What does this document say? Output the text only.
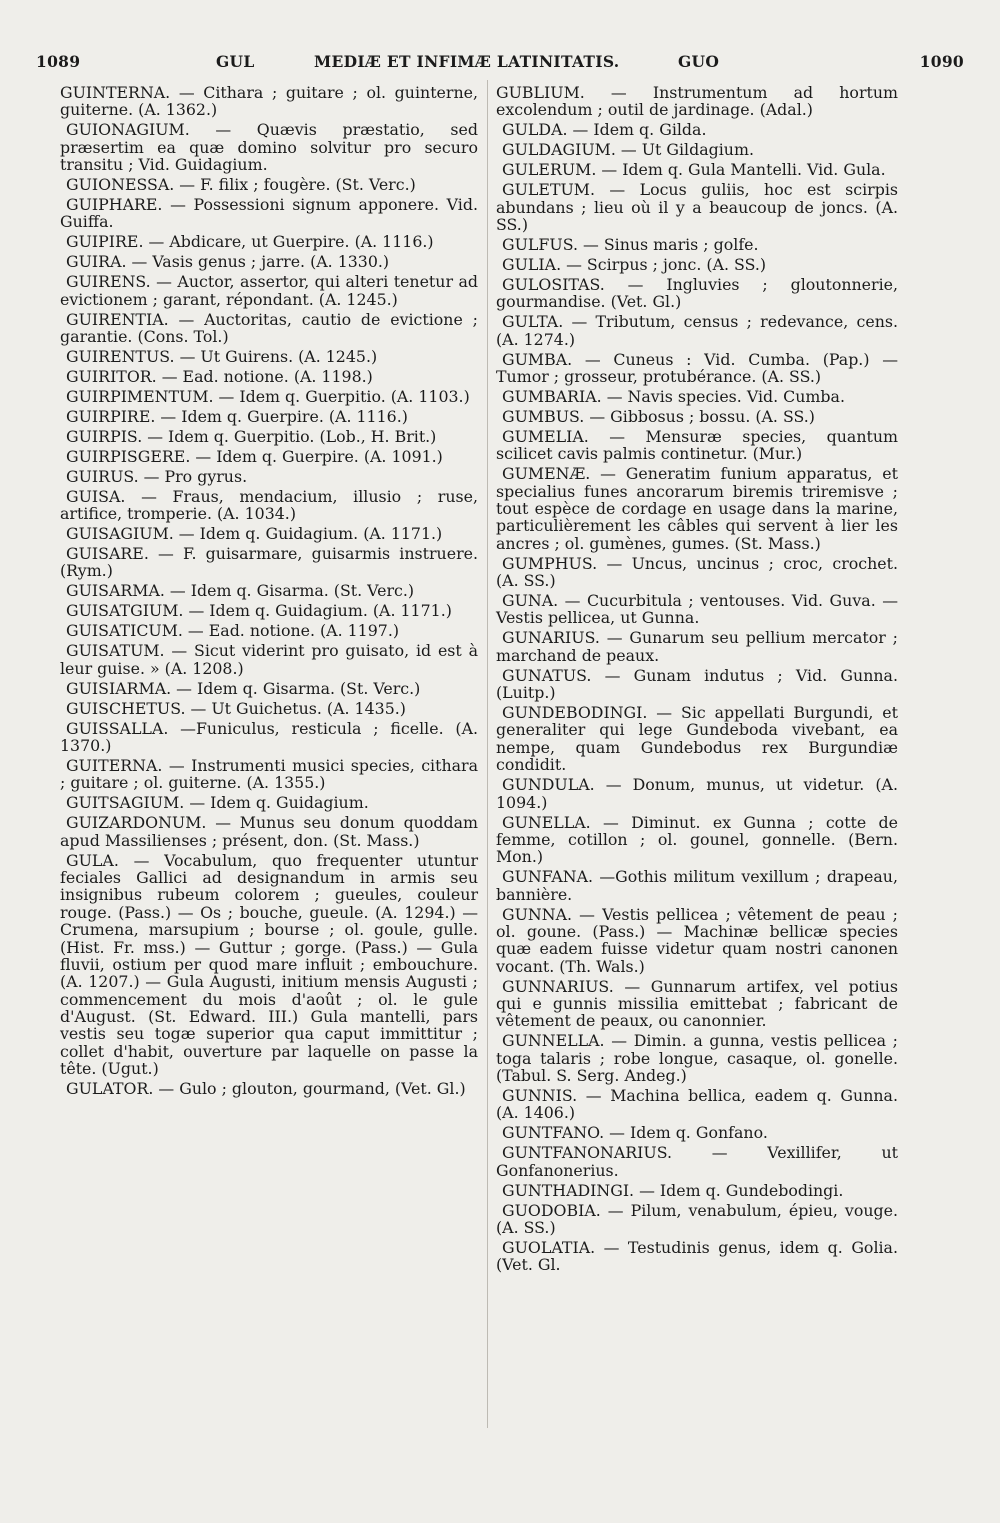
1089	GUL	MEDIÆ ET INFIMÆ LATINITATIS.	GUO	1090

GUINTERNA. — Cithara ; guitare ; ol. guinterne, guiterne. (A. 1362.)

GUIONAGIUM. — Quævis præstatio, sed præsertim ea quæ domino solvitur pro securo transitu ; Vid. Guidagium.

GUIONESSA. — F. filix ; fougère. (St. Verc.)

GUIPHARE. — Possessioni signum apponere. Vid. Guiffa.

GUIPIRE. — Abdicare, ut Guerpire. (A. 1116.)

GUIRA. — Vasis genus ; jarre. (A. 1330.)

GUIRENS. — Auctor, assertor, qui alteri tenetur ad evictionem ; garant, répondant. (A. 1245.)

GUIRENTIA. — Auctoritas, cautio de evictione ; garantie. (Cons. Tol.)

GUIRENTUS. — Ut Guirens. (A. 1245.)

GUIRITOR. — Ead. notione. (A. 1198.)

GUIRPIMENTUM. — Idem q. Guerpitio. (A. 1103.)

GUIRPIRE. — Idem q. Guerpire. (A. 1116.)

GUIRPIS. — Idem q. Guerpitio. (Lob., H. Brit.)

GUIRPISGERE. — Idem q. Guerpire. (A. 1091.)

GUIRUS. — Pro gyrus.

GUISA. — Fraus, mendacium, illusio ; ruse, artifice, tromperie. (A. 1034.)

GUISAGIUM. — Idem q. Guidagium. (A. 1171.)

GUISARE. — F. guisarmare, guisarmis instruere. (Rym.)

GUISARMA. — Idem q. Gisarma. (St. Verc.)

GUISATGIUM. — Idem q. Guidagium. (A. 1171.)

GUISATICUM. — Ead. notione. (A. 1197.)

GUISATUM. — Sicut viderint pro guisato, id est à leur guise. » (A. 1208.)

GUISIARMA. — Idem q. Gisarma. (St. Verc.)

GUISCHETUS. — Ut Guichetus. (A. 1435.)

GUISSALLA. —Funiculus, resticula ; ficelle. (A. 1370.)

GUITERNA. — Instrumenti musici species, cithara ; guitare ; ol. guiterne. (A. 1355.)

GUITSAGIUM. — Idem q. Guidagium.

GUIZARDONUM. — Munus seu donum quoddam apud Massilienses ; présent, don. (St. Mass.)

GULA. — Vocabulum, quo frequenter utuntur feciales Gallici ad designandum in armis seu insignibus rubeum colorem ; gueules, couleur rouge. (Pass.) — Os ; bouche, gueule. (A. 1294.) — Crumena, marsupium ; bourse ; ol. goule, gulle. (Hist. Fr. mss.) — Guttur ; gorge. (Pass.) — Gula fluvii, ostium per quod mare influit ; embouchure. (A. 1207.) — Gula Augusti, initium mensis Augusti ; commencement du mois d'août ; ol. le gule d'August. (St. Edward. III.) Gula mantelli, pars vestis seu togæ superior qua caput immittitur ; collet d'habit, ouverture par laquelle on passe la tête. (Ugut.)

GULATOR. — Gulo ; glouton, gourmand, (Vet. Gl.)

GUBLIUM. — Instrumentum ad hortum excolendum ; outil de jardinage. (Adal.)

GULDA. — Idem q. Gilda.

GULDAGIUM. — Ut Gildagium.

GULERUM. — Idem q. Gula Mantelli. Vid. Gula.

GULETUM. — Locus guliis, hoc est scirpis abundans ; lieu où il y a beaucoup de joncs. (A. SS.)

GULFUS. — Sinus maris ; golfe.

GULIA. — Scirpus ; jonc. (A. SS.)

GULOSITAS. — Ingluvies ; gloutonnerie, gourmandise. (Vet. Gl.)

GULTA. — Tributum, census ; redevance, cens. (A. 1274.)

GUMBA. — Cuneus : Vid. Cumba. (Pap.) — Tumor ; grosseur, protubérance. (A. SS.)

GUMBARIA. — Navis species. Vid. Cumba.

GUMBUS. — Gibbosus ; bossu. (A. SS.)

GUMELIA. — Mensuræ species, quantum scilicet cavis palmis continetur. (Mur.)

GUMENÆ. — Generatim funium apparatus, et specialius funes ancorarum biremis triremisve ; tout espèce de cordage en usage dans la marine, particulièrement les câbles qui servent à lier les ancres ; ol. gumènes, gumes. (St. Mass.)

GUMPHUS. — Uncus, uncinus ; croc, crochet. (A. SS.)

GUNA. — Cucurbitula ; ventouses. Vid. Guva. — Vestis pellicea, ut Gunna.

GUNARIUS. — Gunarum seu pellium mercator ; marchand de peaux.

GUNATUS. — Gunam indutus ; Vid. Gunna. (Luitp.)

GUNDEBODINGI. — Sic appellati Burgundi, et generaliter qui lege Gundeboda vivebant, ea nempe, quam Gundebodus rex Burgundiæ condidit.

GUNDULA. — Donum, munus, ut videtur. (A. 1094.)

GUNELLA. — Diminut. ex Gunna ; cotte de femme, cotillon ; ol. gounel, gonnelle. (Bern. Mon.)

GUNFANA. —Gothis militum vexillum ; drapeau, bannière.

GUNNA. — Vestis pellicea ; vêtement de peau ; ol. goune. (Pass.) — Machinæ bellicæ species quæ eadem fuisse videtur quam nostri canonen vocant. (Th. Wals.)

GUNNARIUS. — Gunnarum artifex, vel potius qui e gunnis missilia emittebat ; fabricant de vêtement de peaux, ou canonnier.

GUNNELLA. — Dimin. a gunna, vestis pellicea ; toga talaris ; robe longue, casaque, ol. gonelle. (Tabul. S. Serg. Andeg.)

GUNNIS. — Machina bellica, eadem q. Gunna. (A. 1406.)

GUNTFANO. — Idem q. Gonfano.

GUNTFANONARIUS. — Vexillifer, ut Gonfanonerius.

GUNTHADINGI. — Idem q. Gundebodingi.

GUODOBIA. — Pilum, venabulum, épieu, vouge. (A. SS.)

GUOLATIA. — Testudinis genus, idem q. Golia. (Vet. Gl.
